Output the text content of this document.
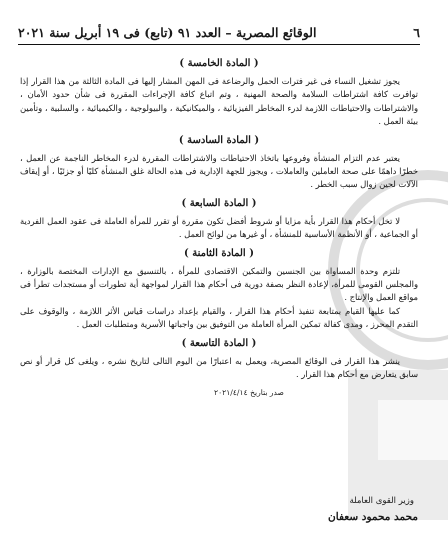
٦
الوقائع المصرية – العدد ٩١ (تابع) فى ١٩ أبريل سنة ٢٠٢١
( المادة الخامسة )

يجوز تشغيل النساء فى غير فترات الحمل والرضاعة فى المهن المشار إليها فى المادة الثالثة من هذا القرار إذا توافرت كافة اشتراطات السلامة والصحة المهنية ، وتم اتباع كافة الإجراءات المقررة فى شأن حدود الأمان ، والاشتراطات والاحتياطات اللازمة لدرء المخاطر الفيزيائية ، والميكانيكية ، والبيولوجية ، والكيميائية ، والسلبية ، وتأمين بيئة العمل .

( المادة السادسة )

يعتبر عدم التزام المنشأة وفروعها باتخاذ الاحتياطات والاشتراطات المقررة لدرء المخاطر الناجمة عن العمل ، خطرًا داهمًا على صحة العاملين والعاملات ، ويجوز للجهة الإدارية فى هذه الحالة غلق المنشأة كليًا أو جزئيًا ، أو إيقاف الآلات لحين زوال سبب الخطر .

( المادة السابعة )

لا تخل أحكام هذا القرار بأية مزايا أو شروط أفضل تكون مقررة أو تقرر للمرأة العاملة فى عقود العمل الفردية أو الجماعية ، أو الأنظمة الأساسية للمنشأة ، أو غيرها من لوائح العمل .

( المادة الثامنة )

تلتزم وحدة المساواة بين الجنسين والتمكين الاقتصادى للمرأة ، بالتنسيق مع الإدارات المختصة بالوزارة ، والمجلس القومى للمرأة، لإعادة النظر بصفة دورية فى أحكام هذا القرار لمواجهة أية تطورات أو مستجدات تطرأ فى مواقع العمل والإنتاج .

كما عليها القيام بمتابعة تنفيذ أحكام هذا القرار ، والقيام بإعداد دراسات قياس الأثر اللازمة ، والوقوف على التقدم المحرز ، ومدى كفالة تمكين المرأة العاملة من التوفيق بين واجباتها الأسرية ومتطلبات العمل .

( المادة التاسعة )

ينشر هذا القرار فى الوقائع المصرية، ويعمل به اعتبارًا من اليوم التالى لتاريخ نشره ، ويلغى كل قرار أو نص سابق يتعارض مع أحكام هذا القرار .

صدر بتاريخ ٢٠٢١/٤/١٤
وزير القوى العاملة
محمد محمود سعفان
